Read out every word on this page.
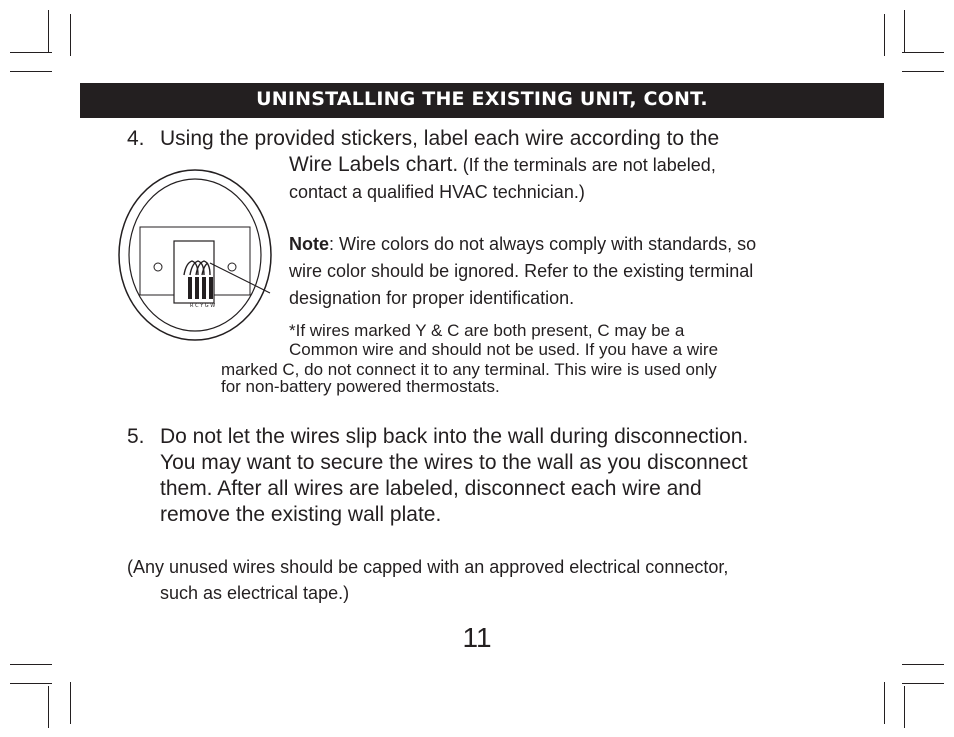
UNINSTALLING THE EXISTING UNIT, CONT.
4. Using the provided stickers, label each wire according to the

Wire Labels chart. (If the terminals are not labeled,

contact a qualified HVAC technician.)

Note: Wire colors do not always comply with standards, so

wire color should be ignored. Refer to the existing terminal

designation for proper identification.

*If wires marked Y & C are both present, C may be a

Common wire and should not be used. If you have a wire

marked C, do not connect it to any terminal. This wire is used only

for non-battery powered thermostats.

R C Y G W
5. Do not let the wires slip back into the wall during disconnection.

You may want to secure the wires to the wall as you disconnect

them. After all wires are labeled, disconnect each wire and

remove the existing wall plate.

(Any unused wires should be capped with an approved electrical connector,

such as electrical tape.)

11
